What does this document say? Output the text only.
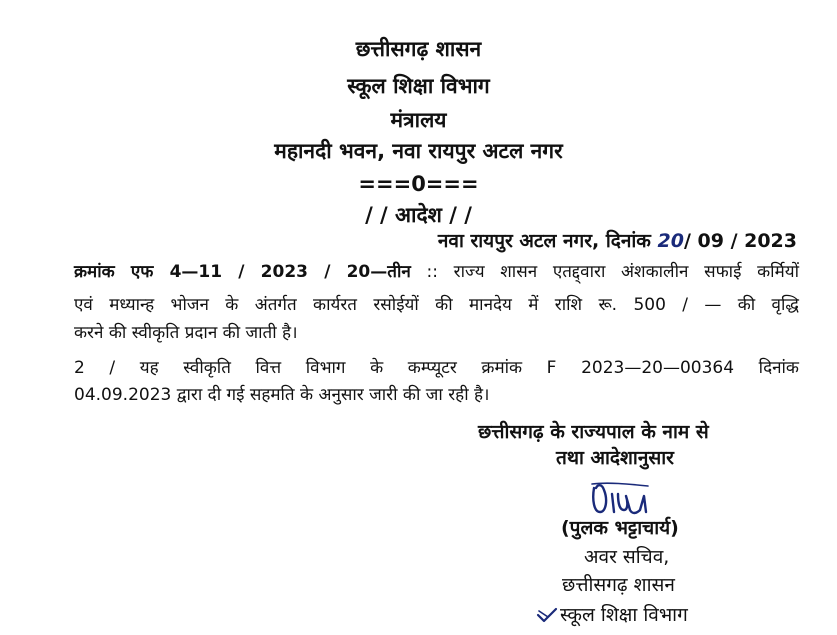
छत्तीसगढ़ शासन
स्कूल शिक्षा विभाग
मंत्रालय
महानदी भवन, नवा रायपुर अटल नगर
===0===
/ / आदेश / /
नवा रायपुर अटल नगर, दिनांक 20/ 09 / 2023
क्रमांक एफ 4—11 / 2023 / 20—तीन :: राज्य शासन एतद्द्वारा अंशकालीन सफाई कर्मियों
एवं मध्यान्ह भोजन के अंतर्गत कार्यरत रसोईयों की मानदेय में राशि रू. 500 / — की वृद्धि
करने की स्वीकृति प्रदान की जाती है।
2 / यह स्वीकृति वित्त विभाग के कम्प्यूटर क्रमांक F 2023—20—00364 दिनांक
04.09.2023 द्वारा दी गई सहमति के अनुसार जारी की जा रही है।
छत्तीसगढ़ के राज्यपाल के नाम से
तथा आदेशानुसार
(पुलक भट्टाचार्य)
अवर सचिव,
छत्तीसगढ़ शासन
स्कूल शिक्षा विभाग
